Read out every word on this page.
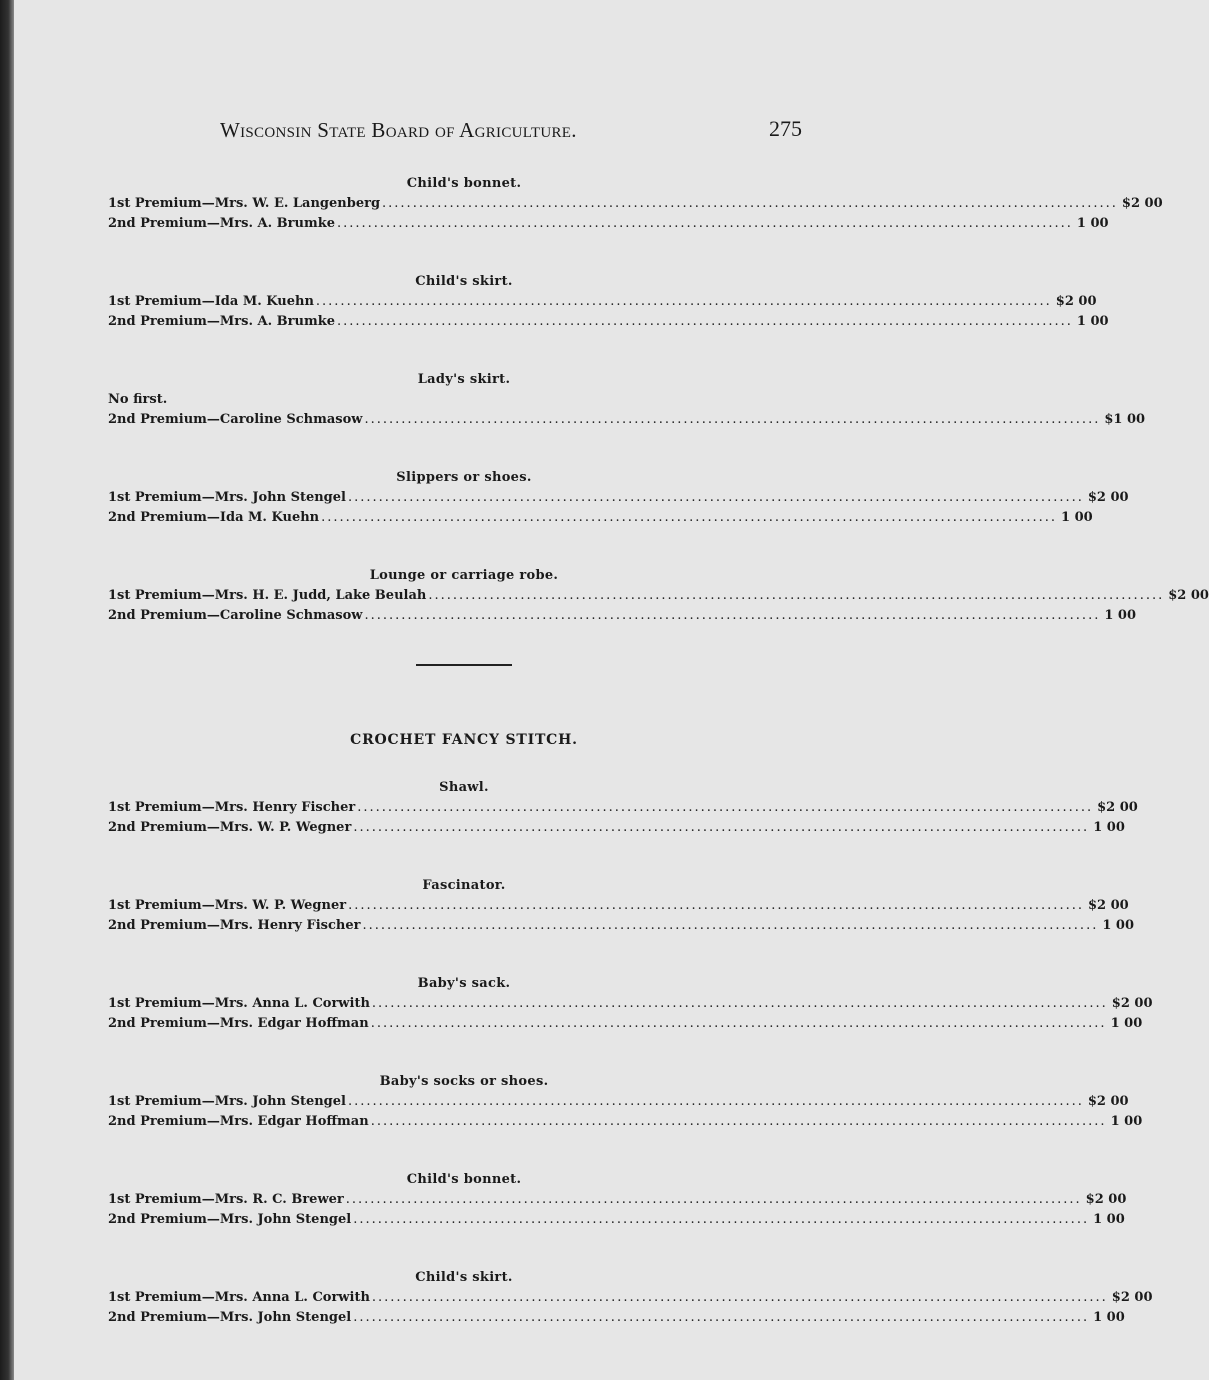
Wisconsin State Board of Agriculture.	275
Child's bonnet.
1st Premium— Mrs. W. E. Langenberg ........................................................................................................................ $2 00
2nd Premium— Mrs. A. Brumke ........................................................................................................................ 1 00
Child's skirt.
1st Premium— Ida M. Kuehn ........................................................................................................................ $2 00
2nd Premium— Mrs. A. Brumke ........................................................................................................................ 1 00
Lady's skirt.
No first.
2nd Premium— Caroline Schmasow ........................................................................................................................ $1 00
Slippers or shoes.
1st Premium— Mrs. John Stengel ........................................................................................................................ $2 00
2nd Premium— Ida M. Kuehn ........................................................................................................................ 1 00
Lounge or carriage robe.
1st Premium— Mrs. H. E. Judd, Lake Beulah ........................................................................................................................ $2 00
2nd Premium— Caroline Schmasow ........................................................................................................................ 1 00
CROCHET FANCY STITCH.
Shawl.
1st Premium— Mrs. Henry Fischer ........................................................................................................................ $2 00
2nd Premium— Mrs. W. P. Wegner ........................................................................................................................ 1 00
Fascinator.
1st Premium— Mrs. W. P. Wegner ........................................................................................................................ $2 00
2nd Premium— Mrs. Henry Fischer ........................................................................................................................ 1 00
Baby's sack.
1st Premium— Mrs. Anna L. Corwith ........................................................................................................................ $2 00
2nd Premium— Mrs. Edgar Hoffman ........................................................................................................................ 1 00
Baby's socks or shoes.
1st Premium— Mrs. John Stengel ........................................................................................................................ $2 00
2nd Premium— Mrs. Edgar Hoffman ........................................................................................................................ 1 00
Child's bonnet.
1st Premium— Mrs. R. C. Brewer ........................................................................................................................ $2 00
2nd Premium— Mrs. John Stengel ........................................................................................................................ 1 00
Child's skirt.
1st Premium— Mrs. Anna L. Corwith ........................................................................................................................ $2 00
2nd Premium— Mrs. John Stengel ........................................................................................................................ 1 00
